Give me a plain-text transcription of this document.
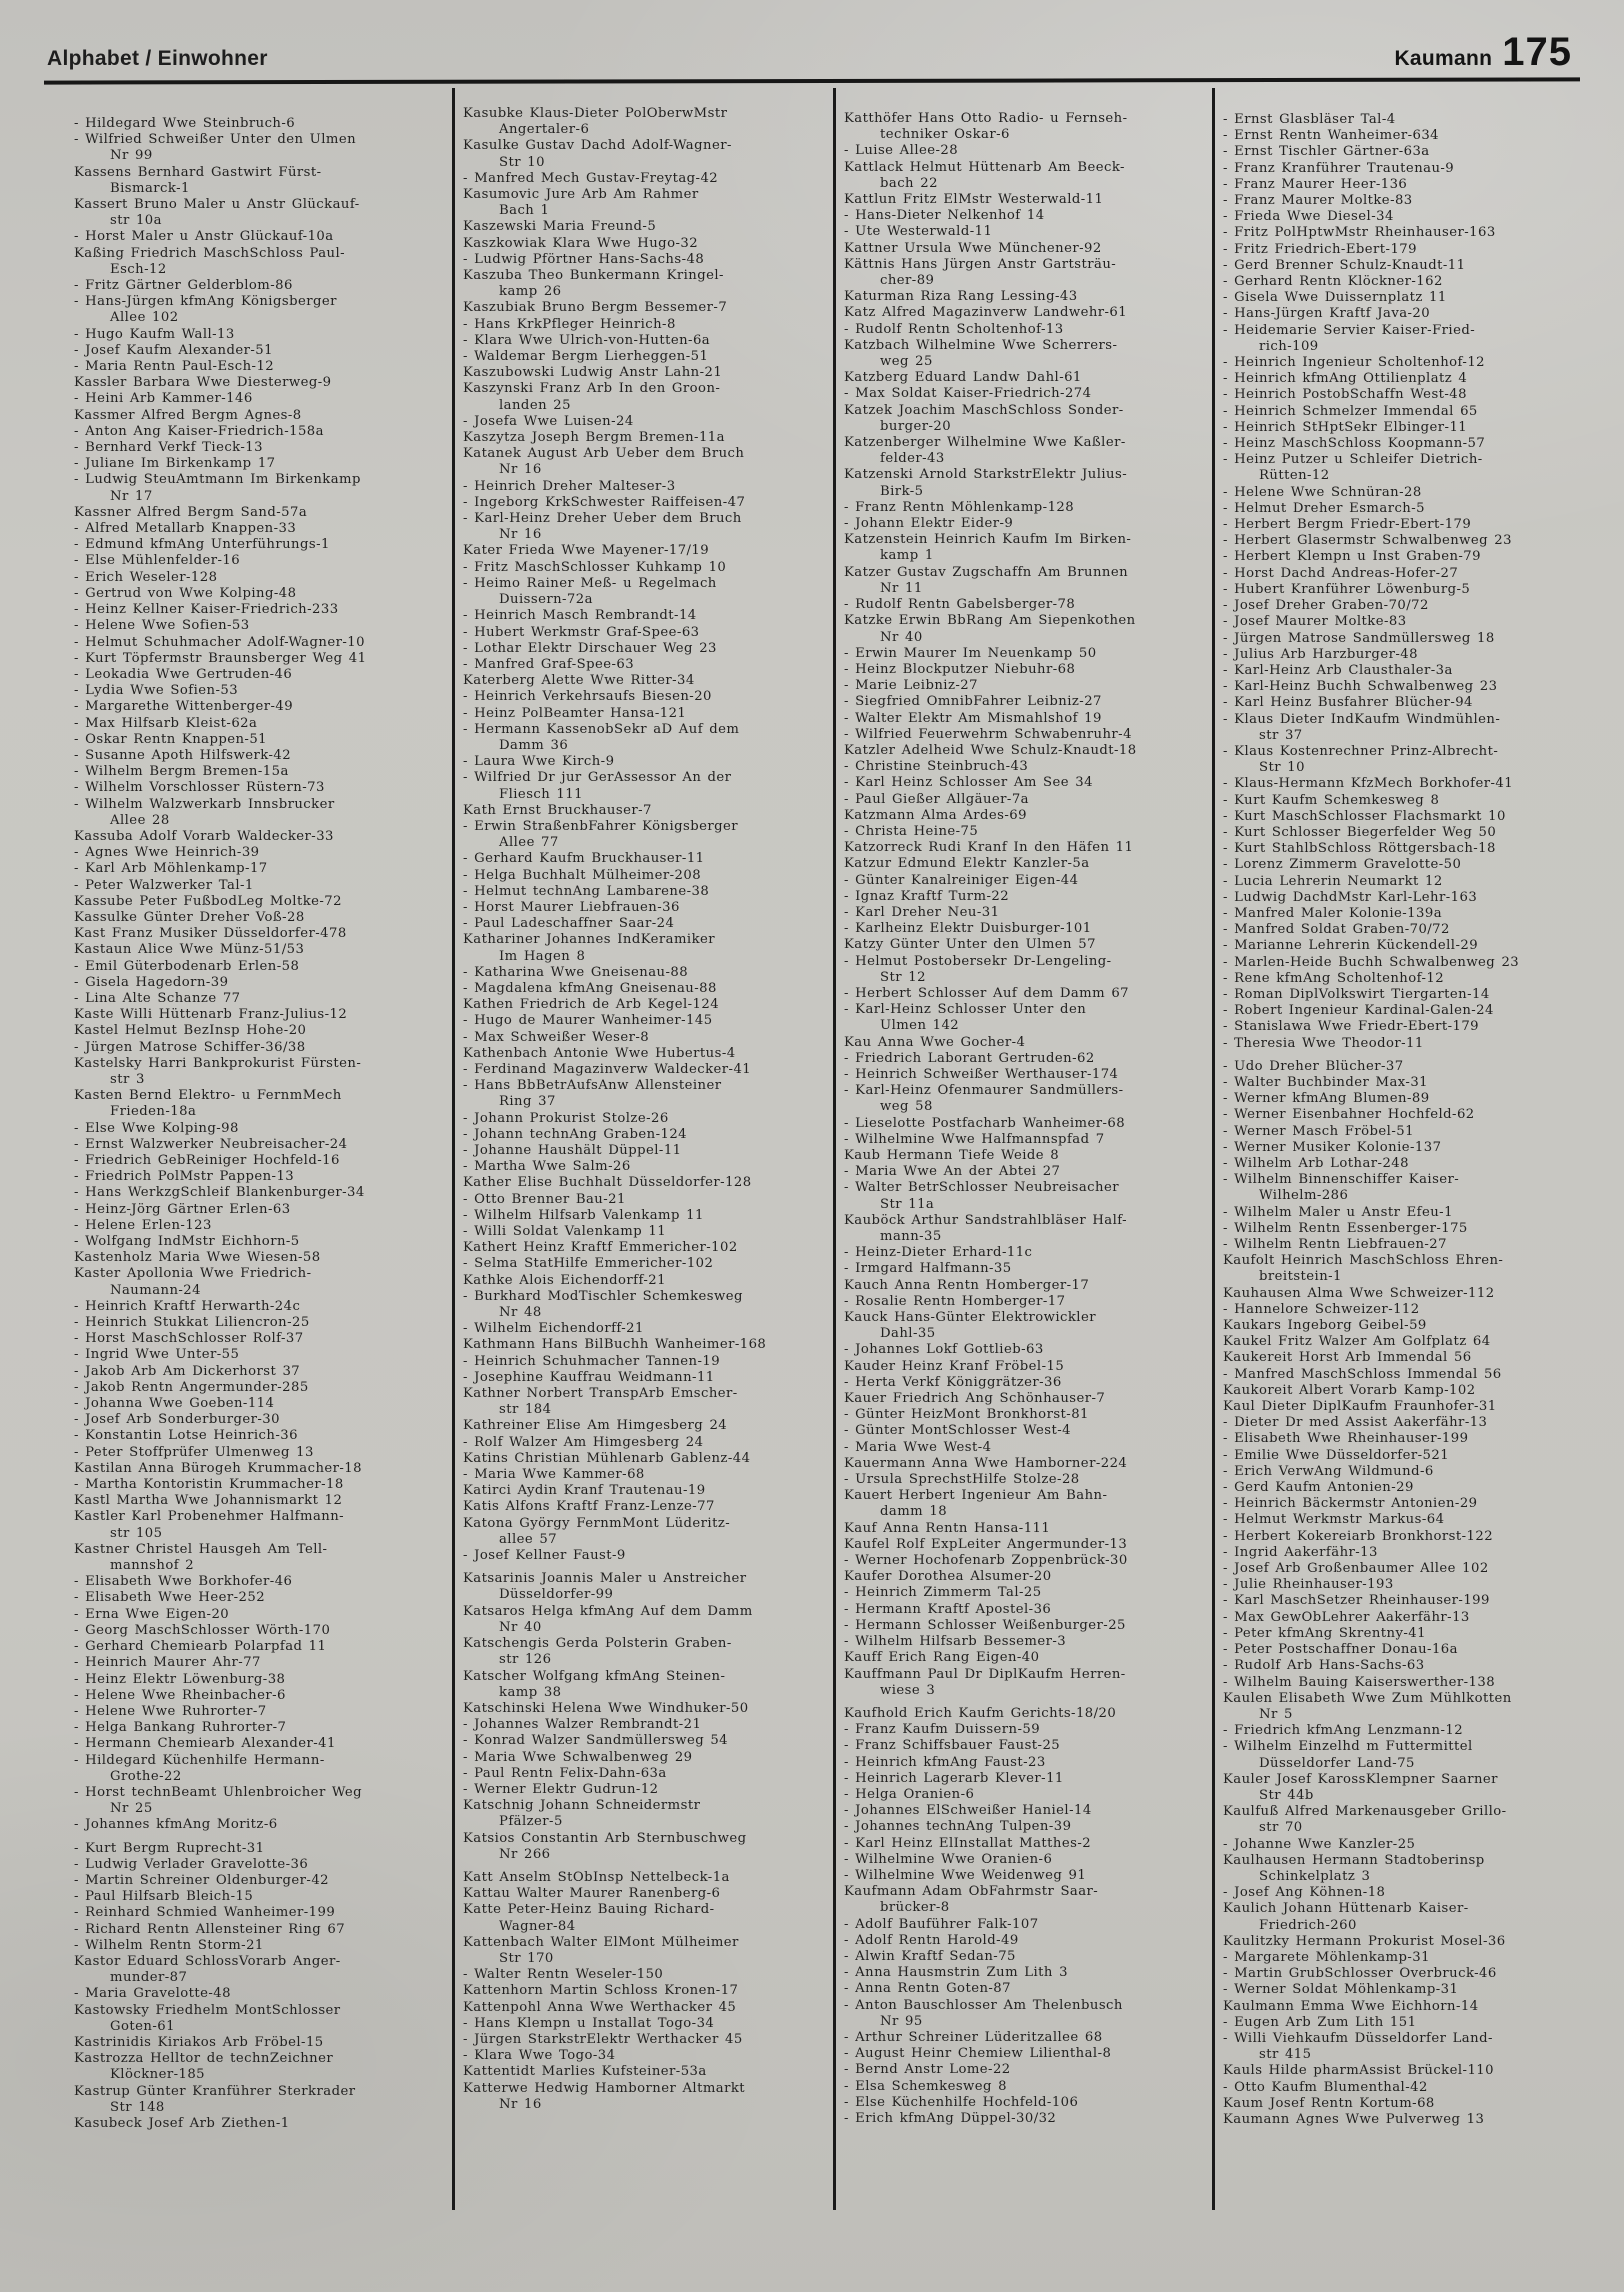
Alphabet / Einwohner	Kaumann 175
- Hildegard Wwe Steinbruch-6
- Wilfried Schweißer Unter den Ulmen
Nr 99
Kassens Bernhard Gastwirt Fürst-
Bismarck-1
Kassert Bruno Maler u Anstr Glückauf-
str 10a
- Horst Maler u Anstr Glückauf-10a
Kaßing Friedrich MaschSchloss Paul-
Esch-12
- Fritz Gärtner Gelderblom-86
- Hans-Jürgen kfmAng Königsberger
Allee 102
- Hugo Kaufm Wall-13
- Josef Kaufm Alexander-51
- Maria Rentn Paul-Esch-12
Kassler Barbara Wwe Diesterweg-9
- Heini Arb Kammer-146
Kassmer Alfred Bergm Agnes-8
- Anton Ang Kaiser-Friedrich-158a
- Bernhard Verkf Tieck-13
- Juliane Im Birkenkamp 17
- Ludwig SteuAmtmann Im Birkenkamp
Nr 17
Kassner Alfred Bergm Sand-57a
- Alfred Metallarb Knappen-33
- Edmund kfmAng Unterführungs-1
- Else Mühlenfelder-16
- Erich Weseler-128
- Gertrud von Wwe Kolping-48
- Heinz Kellner Kaiser-Friedrich-233
- Helene Wwe Sofien-53
- Helmut Schuhmacher Adolf-Wagner-10
- Kurt Töpfermstr Braunsberger Weg 41
- Leokadia Wwe Gertruden-46
- Lydia Wwe Sofien-53
- Margarethe Wittenberger-49
- Max Hilfsarb Kleist-62a
- Oskar Rentn Knappen-51
- Susanne Apoth Hilfswerk-42
- Wilhelm Bergm Bremen-15a
- Wilhelm Vorschlosser Rüstern-73
- Wilhelm Walzwerkarb Innsbrucker
Allee 28
Kassuba Adolf Vorarb Waldecker-33
- Agnes Wwe Heinrich-39
- Karl Arb Möhlenkamp-17
- Peter Walzwerker Tal-1
Kassube Peter FußbodLeg Moltke-72
Kassulke Günter Dreher Voß-28
Kast Franz Musiker Düsseldorfer-478
Kastaun Alice Wwe Münz-51/53
- Emil Güterbodenarb Erlen-58
- Gisela Hagedorn-39
- Lina Alte Schanze 77
Kaste Willi Hüttenarb Franz-Julius-12
Kastel Helmut BezInsp Hohe-20
- Jürgen Matrose Schiffer-36/38
Kastelsky Harri Bankprokurist Fürsten-
str 3
Kasten Bernd Elektro- u FernmMech
Frieden-18a
- Else Wwe Kolping-98
- Ernst Walzwerker Neubreisacher-24
- Friedrich GebReiniger Hochfeld-16
- Friedrich PolMstr Pappen-13
- Hans WerkzgSchleif Blankenburger-34
- Heinz-Jörg Gärtner Erlen-63
- Helene Erlen-123
- Wolfgang IndMstr Eichhorn-5
Kastenholz Maria Wwe Wiesen-58
Kaster Apollonia Wwe Friedrich-
Naumann-24
- Heinrich Kraftf Herwarth-24c
- Heinrich Stukkat Liliencron-25
- Horst MaschSchlosser Rolf-37
- Ingrid Wwe Unter-55
- Jakob Arb Am Dickerhorst 37
- Jakob Rentn Angermunder-285
- Johanna Wwe Goeben-114
- Josef Arb Sonderburger-30
- Konstantin Lotse Heinrich-36
- Peter Stoffprüfer Ulmenweg 13
Kastilan Anna Bürogeh Krummacher-18
- Martha Kontoristin Krummacher-18
Kastl Martha Wwe Johannismarkt 12
Kastler Karl Probenehmer Halfmann-
str 105
Kastner Christel Hausgeh Am Tell-
mannshof 2
- Elisabeth Wwe Borkhofer-46
- Elisabeth Wwe Heer-252
- Erna Wwe Eigen-20
- Georg MaschSchlosser Wörth-170
- Gerhard Chemiearb Polarpfad 11
- Heinrich Maurer Ahr-77
- Heinz Elektr Löwenburg-38
- Helene Wwe Rheinbacher-6
- Helene Wwe Ruhrorter-7
- Helga Bankang Ruhrorter-7
- Hermann Chemiearb Alexander-41
- Hildegard Küchenhilfe Hermann-
Grothe-22
- Horst technBeamt Uhlenbroicher Weg
Nr 25
- Johannes kfmAng Moritz-6
- Kurt Bergm Ruprecht-31
- Ludwig Verlader Gravelotte-36
- Martin Schreiner Oldenburger-42
- Paul Hilfsarb Bleich-15
- Reinhard Schmied Wanheimer-199
- Richard Rentn Allensteiner Ring 67
- Wilhelm Rentn Storm-21
Kastor Eduard SchlossVorarb Anger-
munder-87
- Maria Gravelotte-48
Kastowsky Friedhelm MontSchlosser
Goten-61
Kastrinidis Kiriakos Arb Fröbel-15
Kastrozza Helltor de technZeichner
Klöckner-185
Kastrup Günter Kranführer Sterkrader
Str 148
Kasubeck Josef Arb Ziethen-1
Kasubke Klaus-Dieter PolOberwMstr
Angertaler-6
Kasulke Gustav Dachd Adolf-Wagner-
Str 10
- Manfred Mech Gustav-Freytag-42
Kasumovic Jure Arb Am Rahmer
Bach 1
Kaszewski Maria Freund-5
Kaszkowiak Klara Wwe Hugo-32
- Ludwig Pförtner Hans-Sachs-48
Kaszuba Theo Bunkermann Kringel-
kamp 26
Kaszubiak Bruno Bergm Bessemer-7
- Hans KrkPfleger Heinrich-8
- Klara Wwe Ulrich-von-Hutten-6a
- Waldemar Bergm Lierheggen-51
Kaszubowski Ludwig Anstr Lahn-21
Kaszynski Franz Arb In den Groon-
landen 25
- Josefa Wwe Luisen-24
Kaszytza Joseph Bergm Bremen-11a
Katanek August Arb Ueber dem Bruch
Nr 16
- Heinrich Dreher Malteser-3
- Ingeborg KrkSchwester Raiffeisen-47
- Karl-Heinz Dreher Ueber dem Bruch
Nr 16
Kater Frieda Wwe Mayener-17/19
- Fritz MaschSchlosser Kuhkamp 10
- Heimo Rainer Meß- u Regelmach
Duissern-72a
- Heinrich Masch Rembrandt-14
- Hubert Werkmstr Graf-Spee-63
- Lothar Elektr Dirschauer Weg 23
- Manfred Graf-Spee-63
Katerberg Alette Wwe Ritter-34
- Heinrich Verkehrsaufs Biesen-20
- Heinz PolBeamter Hansa-121
- Hermann KassenobSekr aD Auf dem
Damm 36
- Laura Wwe Kirch-9
- Wilfried Dr jur GerAssessor An der
Fliesch 111
Kath Ernst Bruckhauser-7
- Erwin StraßenbFahrer Königsberger
Allee 77
- Gerhard Kaufm Bruckhauser-11
- Helga Buchhalt Mülheimer-208
- Helmut technAng Lambarene-38
- Horst Maurer Liebfrauen-36
- Paul Ladeschaffner Saar-24
Kathariner Johannes IndKeramiker
Im Hagen 8
- Katharina Wwe Gneisenau-88
- Magdalena kfmAng Gneisenau-88
Kathen Friedrich de Arb Kegel-124
- Hugo de Maurer Wanheimer-145
- Max Schweißer Weser-8
Kathenbach Antonie Wwe Hubertus-4
- Ferdinand Magazinverw Waldecker-41
- Hans BbBetrAufsAnw Allensteiner
Ring 37
- Johann Prokurist Stolze-26
- Johann technAng Graben-124
- Johanne Haushält Düppel-11
- Martha Wwe Salm-26
Kather Elise Buchhalt Düsseldorfer-128
- Otto Brenner Bau-21
- Wilhelm Hilfsarb Valenkamp 11
- Willi Soldat Valenkamp 11
Kathert Heinz Kraftf Emmericher-102
- Selma StatHilfe Emmericher-102
Kathke Alois Eichendorff-21
- Burkhard ModTischler Schemkesweg
Nr 48
- Wilhelm Eichendorff-21
Kathmann Hans BilBuchh Wanheimer-168
- Heinrich Schuhmacher Tannen-19
- Josephine Kauffrau Weidmann-11
Kathner Norbert TranspArb Emscher-
str 184
Kathreiner Elise Am Himgesberg 24
- Rolf Walzer Am Himgesberg 24
Katins Christian Mühlenarb Gablenz-44
- Maria Wwe Kammer-68
Katirci Aydin Kranf Trautenau-19
Katis Alfons Kraftf Franz-Lenze-77
Katona György FernmMont Lüderitz-
allee 57
- Josef Kellner Faust-9
Katsarinis Joannis Maler u Anstreicher
Düsseldorfer-99
Katsaros Helga kfmAng Auf dem Damm
Nr 40
Katschengis Gerda Polsterin Graben-
str 126
Katscher Wolfgang kfmAng Steinen-
kamp 38
Katschinski Helena Wwe Windhuker-50
- Johannes Walzer Rembrandt-21
- Konrad Walzer Sandmüllersweg 54
- Maria Wwe Schwalbenweg 29
- Paul Rentn Felix-Dahn-63a
- Werner Elektr Gudrun-12
Katschnig Johann Schneidermstr
Pfälzer-5
Katsios Constantin Arb Sternbuschweg
Nr 266
Katt Anselm StObInsp Nettelbeck-1a
Kattau Walter Maurer Ranenberg-6
Katte Peter-Heinz Bauing Richard-
Wagner-84
Kattenbach Walter ElMont Mülheimer
Str 170
- Walter Rentn Weseler-150
Kattenhorn Martin Schloss Kronen-17
Kattenpohl Anna Wwe Werthacker 45
- Hans Klempn u Installat Togo-34
- Jürgen StarkstrElektr Werthacker 45
- Klara Wwe Togo-34
Kattentidt Marlies Kufsteiner-53a
Katterwe Hedwig Hamborner Altmarkt
Nr 16
Katthöfer Hans Otto Radio- u Fernseh-
techniker Oskar-6
- Luise Allee-28
Kattlack Helmut Hüttenarb Am Beeck-
bach 22
Kattlun Fritz ElMstr Westerwald-11
- Hans-Dieter Nelkenhof 14
- Ute Westerwald-11
Kattner Ursula Wwe Münchener-92
Kättnis Hans Jürgen Anstr Gartsträu-
cher-89
Katurman Riza Rang Lessing-43
Katz Alfred Magazinverw Landwehr-61
- Rudolf Rentn Scholtenhof-13
Katzbach Wilhelmine Wwe Scherrers-
weg 25
Katzberg Eduard Landw Dahl-61
- Max Soldat Kaiser-Friedrich-274
Katzek Joachim MaschSchloss Sonder-
burger-20
Katzenberger Wilhelmine Wwe Kaßler-
felder-43
Katzenski Arnold StarkstrElektr Julius-
Birk-5
- Franz Rentn Möhlenkamp-128
- Johann Elektr Eider-9
Katzenstein Heinrich Kaufm Im Birken-
kamp 1
Katzer Gustav Zugschaffn Am Brunnen
Nr 11
- Rudolf Rentn Gabelsberger-78
Katzke Erwin BbRang Am Siepenkothen
Nr 40
- Erwin Maurer Im Neuenkamp 50
- Heinz Blockputzer Niebuhr-68
- Marie Leibniz-27
- Siegfried OmnibFahrer Leibniz-27
- Walter Elektr Am Mismahlshof 19
- Wilfried Feuerwehrm Schwabenruhr-4
Katzler Adelheid Wwe Schulz-Knaudt-18
- Christine Steinbruch-43
- Karl Heinz Schlosser Am See 34
- Paul Gießer Allgäuer-7a
Katzmann Alma Ardes-69
- Christa Heine-75
Katzorreck Rudi Kranf In den Häfen 11
Katzur Edmund Elektr Kanzler-5a
- Günter Kanalreiniger Eigen-44
- Ignaz Kraftf Turm-22
- Karl Dreher Neu-31
- Karlheinz Elektr Duisburger-101
Katzy Günter Unter den Ulmen 57
- Helmut Postobersekr Dr-Lengeling-
Str 12
- Herbert Schlosser Auf dem Damm 67
- Karl-Heinz Schlosser Unter den
Ulmen 142
Kau Anna Wwe Gocher-4
- Friedrich Laborant Gertruden-62
- Heinrich Schweißer Werthauser-174
- Karl-Heinz Ofenmaurer Sandmüllers-
weg 58
- Lieselotte Postfacharb Wanheimer-68
- Wilhelmine Wwe Halfmannspfad 7
Kaub Hermann Tiefe Weide 8
- Maria Wwe An der Abtei 27
- Walter BetrSchlosser Neubreisacher
Str 11a
Kauböck Arthur Sandstrahlbläser Half-
mann-35
- Heinz-Dieter Erhard-11c
- Irmgard Halfmann-35
Kauch Anna Rentn Homberger-17
- Rosalie Rentn Homberger-17
Kauck Hans-Günter Elektrowickler
Dahl-35
- Johannes Lokf Gottlieb-63
Kauder Heinz Kranf Fröbel-15
- Herta Verkf Königgrätzer-36
Kauer Friedrich Ang Schönhauser-7
- Günter HeizMont Bronkhorst-81
- Günter MontSchlosser West-4
- Maria Wwe West-4
Kauermann Anna Wwe Hamborner-224
- Ursula SprechstHilfe Stolze-28
Kauert Herbert Ingenieur Am Bahn-
damm 18
Kauf Anna Rentn Hansa-111
Kaufel Rolf ExpLeiter Angermunder-13
- Werner Hochofenarb Zoppenbrück-30
Kaufer Dorothea Alsumer-20
- Heinrich Zimmerm Tal-25
- Hermann Kraftf Apostel-36
- Hermann Schlosser Weißenburger-25
- Wilhelm Hilfsarb Bessemer-3
Kauff Erich Rang Eigen-40
Kauffmann Paul Dr DiplKaufm Herren-
wiese 3
Kaufhold Erich Kaufm Gerichts-18/20
- Franz Kaufm Duissern-59
- Franz Schiffsbauer Faust-25
- Heinrich kfmAng Faust-23
- Heinrich Lagerarb Klever-11
- Helga Oranien-6
- Johannes ElSchweißer Haniel-14
- Johannes technAng Tulpen-39
- Karl Heinz ElInstallat Matthes-2
- Wilhelmine Wwe Oranien-6
- Wilhelmine Wwe Weidenweg 91
Kaufmann Adam ObFahrmstr Saar-
brücker-8
- Adolf Bauführer Falk-107
- Adolf Rentn Harold-49
- Alwin Kraftf Sedan-75
- Anna Hausmstrin Zum Lith 3
- Anna Rentn Goten-87
- Anton Bauschlosser Am Thelenbusch
Nr 95
- Arthur Schreiner Lüderitzallee 68
- August Heinr Chemiew Lilienthal-8
- Bernd Anstr Lome-22
- Elsa Schemkesweg 8
- Else Küchenhilfe Hochfeld-106
- Erich kfmAng Düppel-30/32
- Ernst Glasbläser Tal-4
- Ernst Rentn Wanheimer-634
- Ernst Tischler Gärtner-63a
- Franz Kranführer Trautenau-9
- Franz Maurer Heer-136
- Franz Maurer Moltke-83
- Frieda Wwe Diesel-34
- Fritz PolHptwMstr Rheinhauser-163
- Fritz Friedrich-Ebert-179
- Gerd Brenner Schulz-Knaudt-11
- Gerhard Rentn Klöckner-162
- Gisela Wwe Duissernplatz 11
- Hans-Jürgen Kraftf Java-20
- Heidemarie Servier Kaiser-Fried-
rich-109
- Heinrich Ingenieur Scholtenhof-12
- Heinrich kfmAng Ottilienplatz 4
- Heinrich PostobSchaffn West-48
- Heinrich Schmelzer Immendal 65
- Heinrich StHptSekr Elbinger-11
- Heinz MaschSchloss Koopmann-57
- Heinz Putzer u Schleifer Dietrich-
Rütten-12
- Helene Wwe Schnüran-28
- Helmut Dreher Esmarch-5
- Herbert Bergm Friedr-Ebert-179
- Herbert Glasermstr Schwalbenweg 23
- Herbert Klempn u Inst Graben-79
- Horst Dachd Andreas-Hofer-27
- Hubert Kranführer Löwenburg-5
- Josef Dreher Graben-70/72
- Josef Maurer Moltke-83
- Jürgen Matrose Sandmüllersweg 18
- Julius Arb Harzburger-48
- Karl-Heinz Arb Clausthaler-3a
- Karl-Heinz Buchh Schwalbenweg 23
- Karl Heinz Busfahrer Blücher-94
- Klaus Dieter IndKaufm Windmühlen-
str 37
- Klaus Kostenrechner Prinz-Albrecht-
Str 10
- Klaus-Hermann KfzMech Borkhofer-41
- Kurt Kaufm Schemkesweg 8
- Kurt MaschSchlosser Flachsmarkt 10
- Kurt Schlosser Biegerfelder Weg 50
- Kurt StahlbSchloss Röttgersbach-18
- Lorenz Zimmerm Gravelotte-50
- Lucia Lehrerin Neumarkt 12
- Ludwig DachdMstr Karl-Lehr-163
- Manfred Maler Kolonie-139a
- Manfred Soldat Graben-70/72
- Marianne Lehrerin Kückendell-29
- Marlen-Heide Buchh Schwalbenweg 23
- Rene kfmAng Scholtenhof-12
- Roman DiplVolkswirt Tiergarten-14
- Robert Ingenieur Kardinal-Galen-24
- Stanislawa Wwe Friedr-Ebert-179
- Theresia Wwe Theodor-11
- Udo Dreher Blücher-37
- Walter Buchbinder Max-31
- Werner kfmAng Blumen-89
- Werner Eisenbahner Hochfeld-62
- Werner Masch Fröbel-51
- Werner Musiker Kolonie-137
- Wilhelm Arb Lothar-248
- Wilhelm Binnenschiffer Kaiser-
Wilhelm-286
- Wilhelm Maler u Anstr Efeu-1
- Wilhelm Rentn Essenberger-175
- Wilhelm Rentn Liebfrauen-27
Kaufolt Heinrich MaschSchloss Ehren-
breitstein-1
Kauhausen Alma Wwe Schweizer-112
- Hannelore Schweizer-112
Kaukars Ingeborg Geibel-59
Kaukel Fritz Walzer Am Golfplatz 64
Kaukereit Horst Arb Immendal 56
- Manfred MaschSchloss Immendal 56
Kaukoreit Albert Vorarb Kamp-102
Kaul Dieter DiplKaufm Fraunhofer-31
- Dieter Dr med Assist Aakerfähr-13
- Elisabeth Wwe Rheinhauser-199
- Emilie Wwe Düsseldorfer-521
- Erich VerwAng Wildmund-6
- Gerd Kaufm Antonien-29
- Heinrich Bäckermstr Antonien-29
- Helmut Werkmstr Markus-64
- Herbert Kokereiarb Bronkhorst-122
- Ingrid Aakerfähr-13
- Josef Arb Großenbaumer Allee 102
- Julie Rheinhauser-193
- Karl MaschSetzer Rheinhauser-199
- Max GewObLehrer Aakerfähr-13
- Peter kfmAng Skrentny-41
- Peter Postschaffner Donau-16a
- Rudolf Arb Hans-Sachs-63
- Wilhelm Bauing Kaiserswerther-138
Kaulen Elisabeth Wwe Zum Mühlkotten
Nr 5
- Friedrich kfmAng Lenzmann-12
- Wilhelm Einzelhd m Futtermittel
Düsseldorfer Land-75
Kauler Josef KarossKlempner Saarner
Str 44b
Kaulfuß Alfred Markenausgeber Grillo-
str 70
- Johanne Wwe Kanzler-25
Kaulhausen Hermann Stadtoberinsp
Schinkelplatz 3
- Josef Ang Köhnen-18
Kaulich Johann Hüttenarb Kaiser-
Friedrich-260
Kaulitzky Hermann Prokurist Mosel-36
- Margarete Möhlenkamp-31
- Martin GrubSchlosser Overbruck-46
- Werner Soldat Möhlenkamp-31
Kaulmann Emma Wwe Eichhorn-14
- Eugen Arb Zum Lith 151
- Willi Viehkaufm Düsseldorfer Land-
str 415
Kauls Hilde pharmAssist Brückel-110
- Otto Kaufm Blumenthal-42
Kaum Josef Rentn Kortum-68
Kaumann Agnes Wwe Pulverweg 13
